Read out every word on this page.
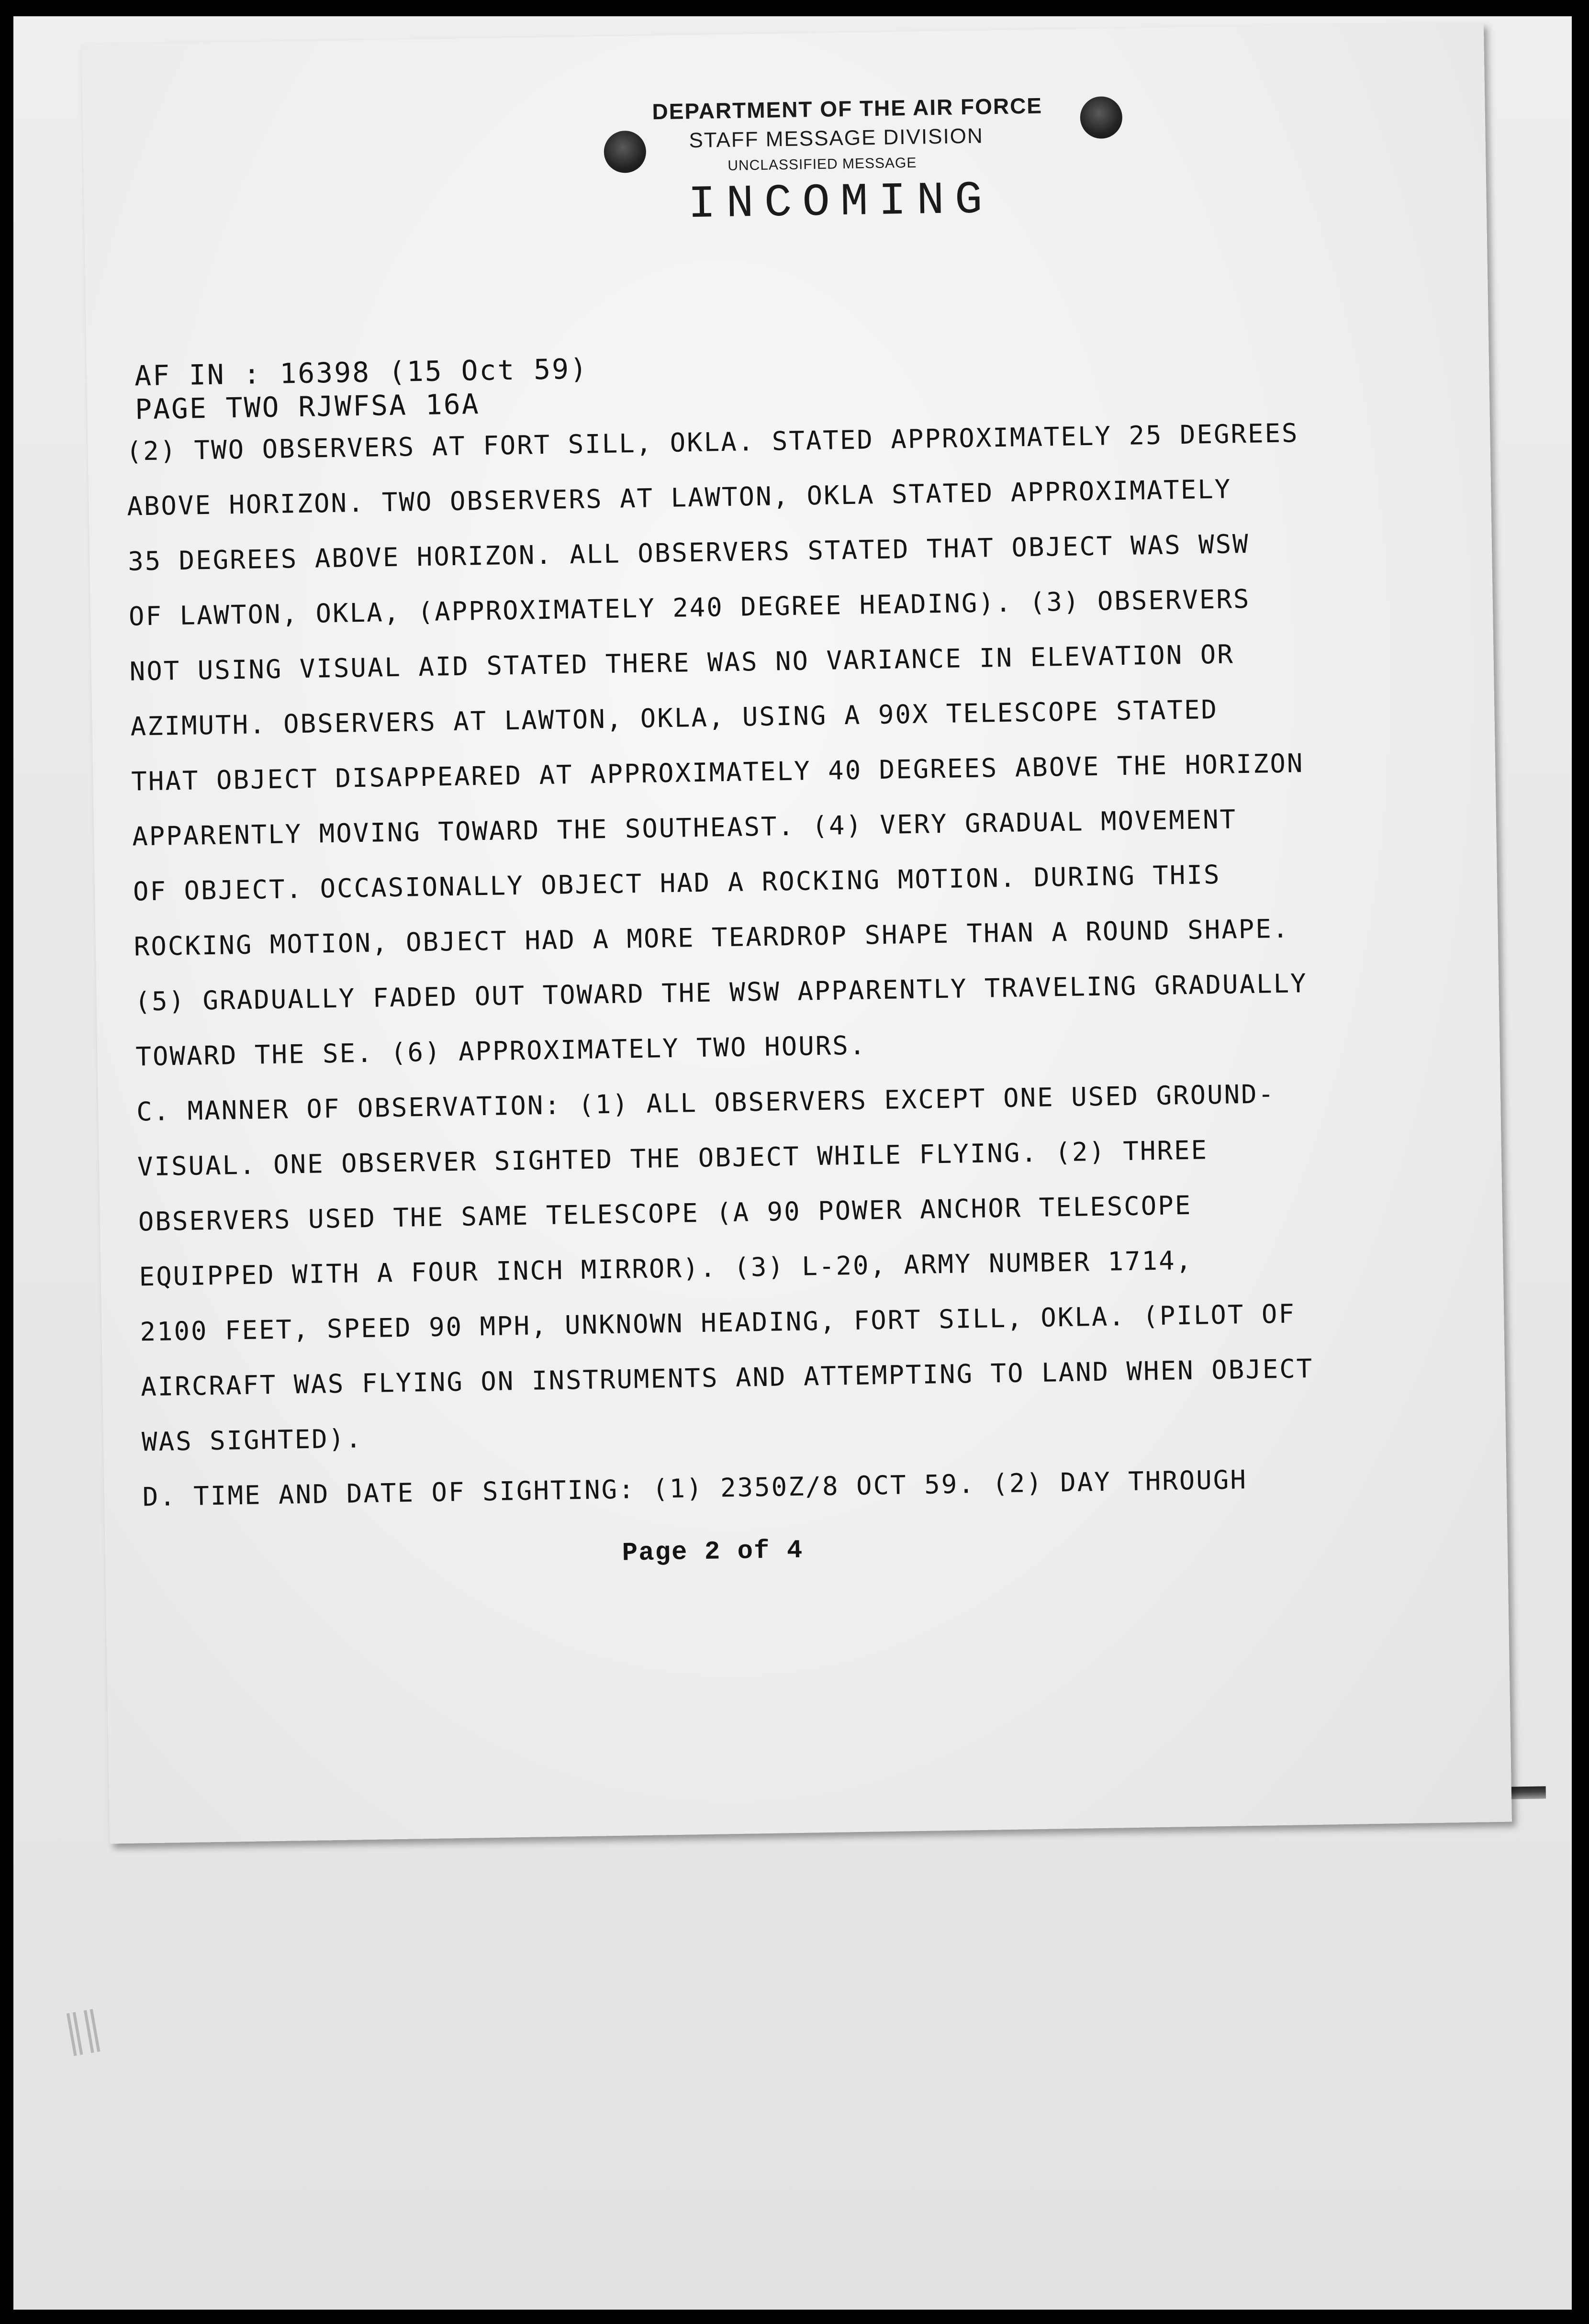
‖‖
DEPARTMENT OF THE AIR FORCE
STAFF MESSAGE DIVISION
UNCLASSIFIED MESSAGE
INCOMING
AF IN : 16398 (15 Oct 59)
PAGE TWO RJWFSA 16A
(2) TWO OBSERVERS AT FORT SILL, OKLA. STATED APPROXIMATELY 25 DEGREES
ABOVE HORIZON. TWO OBSERVERS AT LAWTON, OKLA STATED APPROXIMATELY
35 DEGREES ABOVE HORIZON. ALL OBSERVERS STATED THAT OBJECT WAS WSW
OF LAWTON, OKLA, (APPROXIMATELY 240 DEGREE HEADING). (3) OBSERVERS
NOT USING VISUAL AID STATED THERE WAS NO VARIANCE IN ELEVATION OR
AZIMUTH. OBSERVERS AT LAWTON, OKLA, USING A 90X TELESCOPE STATED
THAT OBJECT DISAPPEARED AT APPROXIMATELY 40 DEGREES ABOVE THE HORIZON
APPARENTLY MOVING TOWARD THE SOUTHEAST. (4) VERY GRADUAL MOVEMENT
OF OBJECT. OCCASIONALLY OBJECT HAD A ROCKING MOTION. DURING THIS
ROCKING MOTION, OBJECT HAD A MORE TEARDROP SHAPE THAN A ROUND SHAPE.
(5) GRADUALLY FADED OUT TOWARD THE WSW APPARENTLY TRAVELING GRADUALLY
TOWARD THE SE. (6) APPROXIMATELY TWO HOURS.
C. MANNER OF OBSERVATION: (1) ALL OBSERVERS EXCEPT ONE USED GROUND-
VISUAL. ONE OBSERVER SIGHTED THE OBJECT WHILE FLYING. (2) THREE
OBSERVERS USED THE SAME TELESCOPE (A 90 POWER ANCHOR TELESCOPE
EQUIPPED WITH A FOUR INCH MIRROR). (3) L-20, ARMY NUMBER 1714,
2100 FEET, SPEED 90 MPH, UNKNOWN HEADING, FORT SILL, OKLA. (PILOT OF
AIRCRAFT WAS FLYING ON INSTRUMENTS AND ATTEMPTING TO LAND WHEN OBJECT
WAS SIGHTED).
D. TIME AND DATE OF SIGHTING: (1) 2350Z/8 OCT 59. (2) DAY THROUGH
Page 2 of 4
